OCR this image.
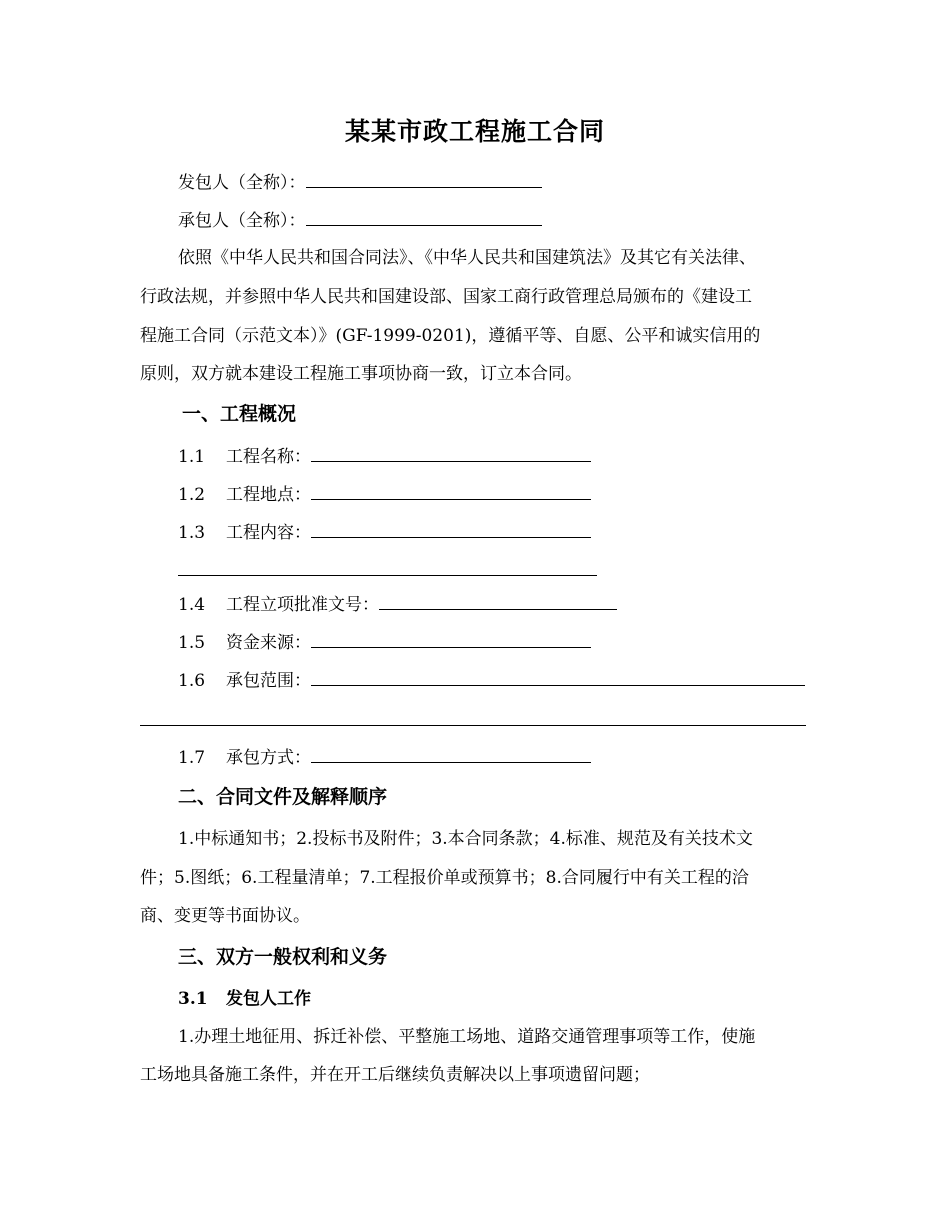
某某市政工程施工合同
发包人（全称）：
承包人（全称）：
依照《中华人民共和国合同法》、《中华人民共和国建筑法》及其它有关法律、
行政法规，并参照中华人民共和国建设部、国家工商行政管理总局颁布的《建设工
程施工合同（示范文本）》(GF-1999-0201)，遵循平等、自愿、公平和诚实信用的
原则，双方就本建设工程施工事项协商一致，订立本合同。
一、工程概况
1.1 工程名称：
1.2 工程地点：
1.3 工程内容：
1.4 工程立项批准文号：
1.5 资金来源：
1.6 承包范围：
1.7 承包方式：
二、合同文件及解释顺序
1.中标通知书；2.投标书及附件；3.本合同条款；4.标准、规范及有关技术文
件；5.图纸；6.工程量清单；7.工程报价单或预算书；8.合同履行中有关工程的洽
商、变更等书面协议。
三、双方一般权利和义务
3.1 发包人工作
1.办理土地征用、拆迁补偿、平整施工场地、道路交通管理事项等工作，使施
工场地具备施工条件，并在开工后继续负责解决以上事项遗留问题；
